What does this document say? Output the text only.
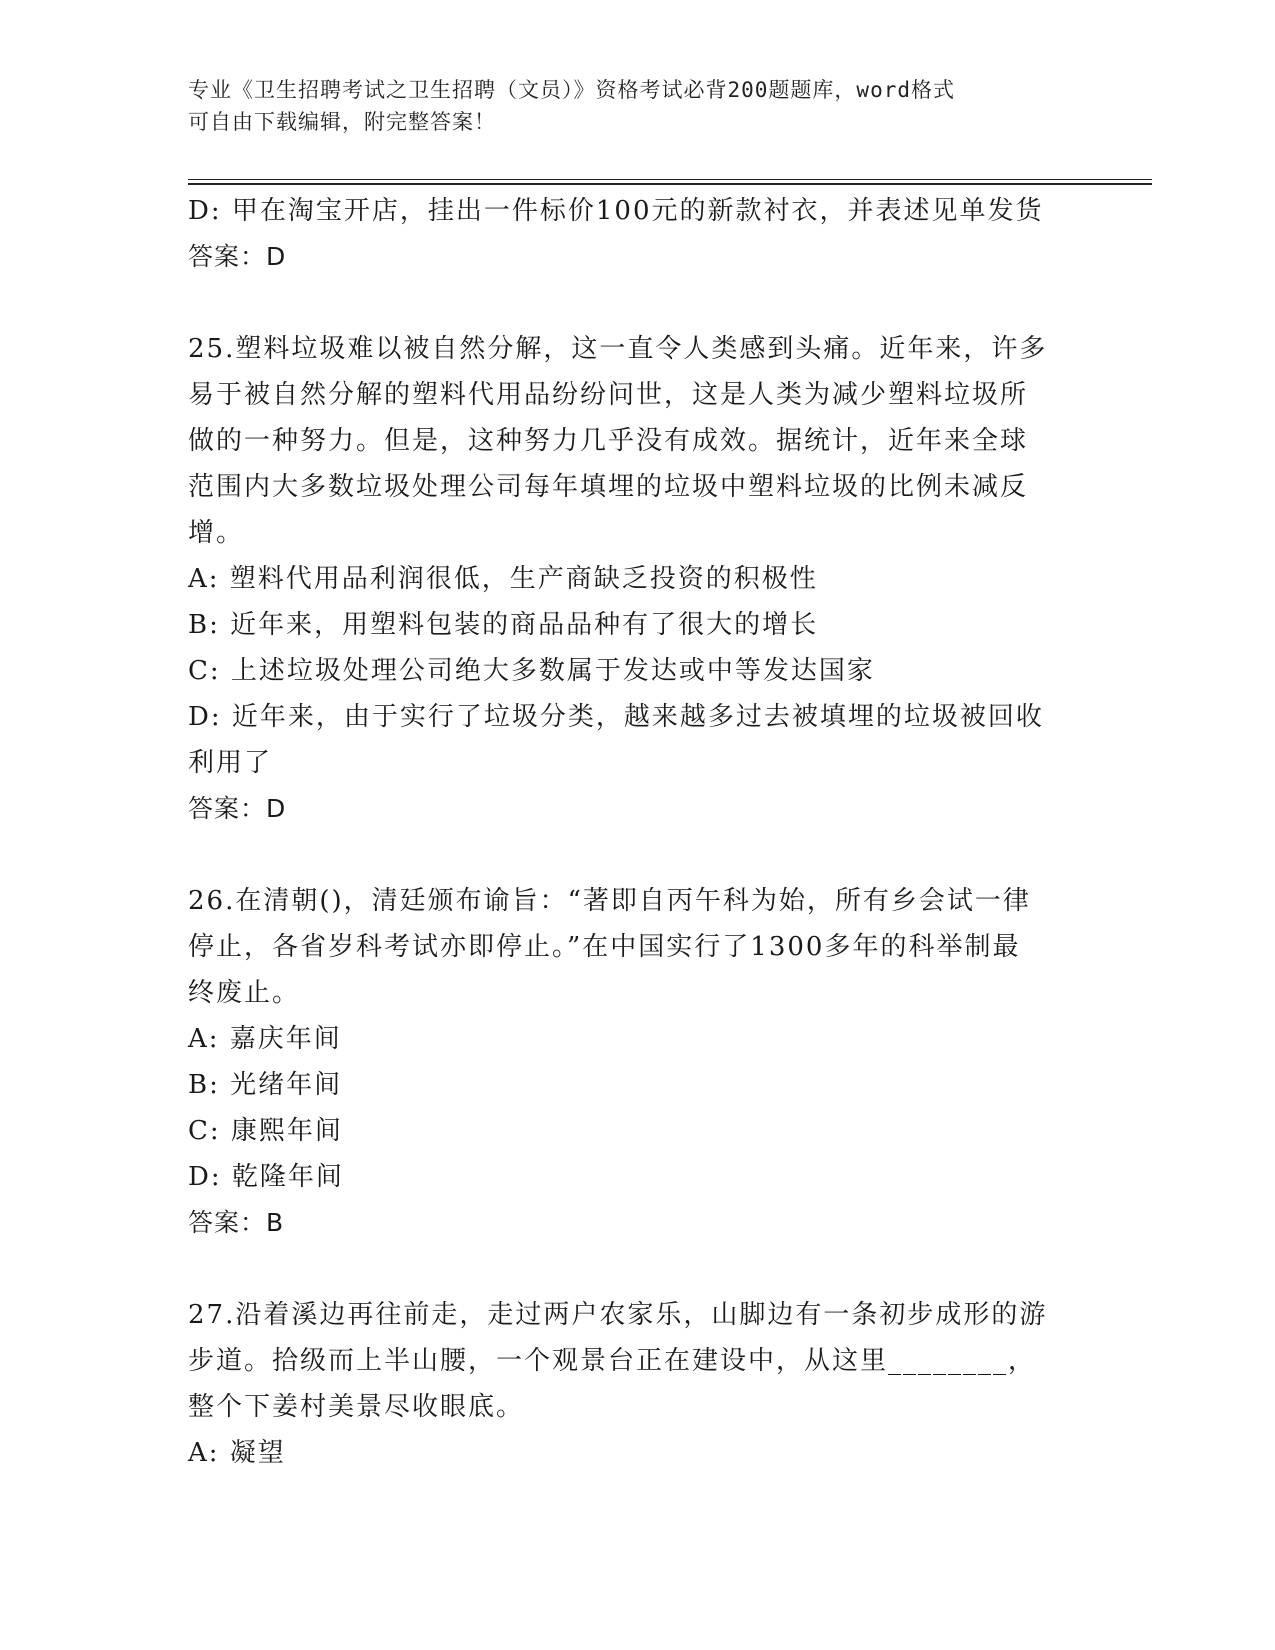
专业《卫生招聘考试之卫生招聘（文员）》资格考试必背200题题库，word格式
可自由下载编辑，附完整答案！
D: 甲在淘宝开店，挂出一件标价100元的新款衬衣，并表述见单发货
答案：D
25.塑料垃圾难以被自然分解，这一直令人类感到头痛。近年来，许多
易于被自然分解的塑料代用品纷纷问世，这是人类为减少塑料垃圾所
做的一种努力。但是，这种努力几乎没有成效。据统计，近年来全球
范围内大多数垃圾处理公司每年填埋的垃圾中塑料垃圾的比例未减反
增。
A: 塑料代用品利润很低，生产商缺乏投资的积极性
B: 近年来，用塑料包装的商品品种有了很大的增长
C: 上述垃圾处理公司绝大多数属于发达或中等发达国家
D: 近年来，由于实行了垃圾分类，越来越多过去被填埋的垃圾被回收
利用了
答案：D
26.在清朝()，清廷颁布谕旨：“著即自丙午科为始，所有乡会试一律
停止，各省岁科考试亦即停止。”在中国实行了1300多年的科举制最
终废止。
A: 嘉庆年间
B: 光绪年间
C: 康熙年间
D: 乾隆年间
答案：B
27.沿着溪边再往前走，走过两户农家乐，山脚边有一条初步成形的游
步道。拾级而上半山腰，一个观景台正在建设中，从这里________，
整个下姜村美景尽收眼底。
A: 凝望
